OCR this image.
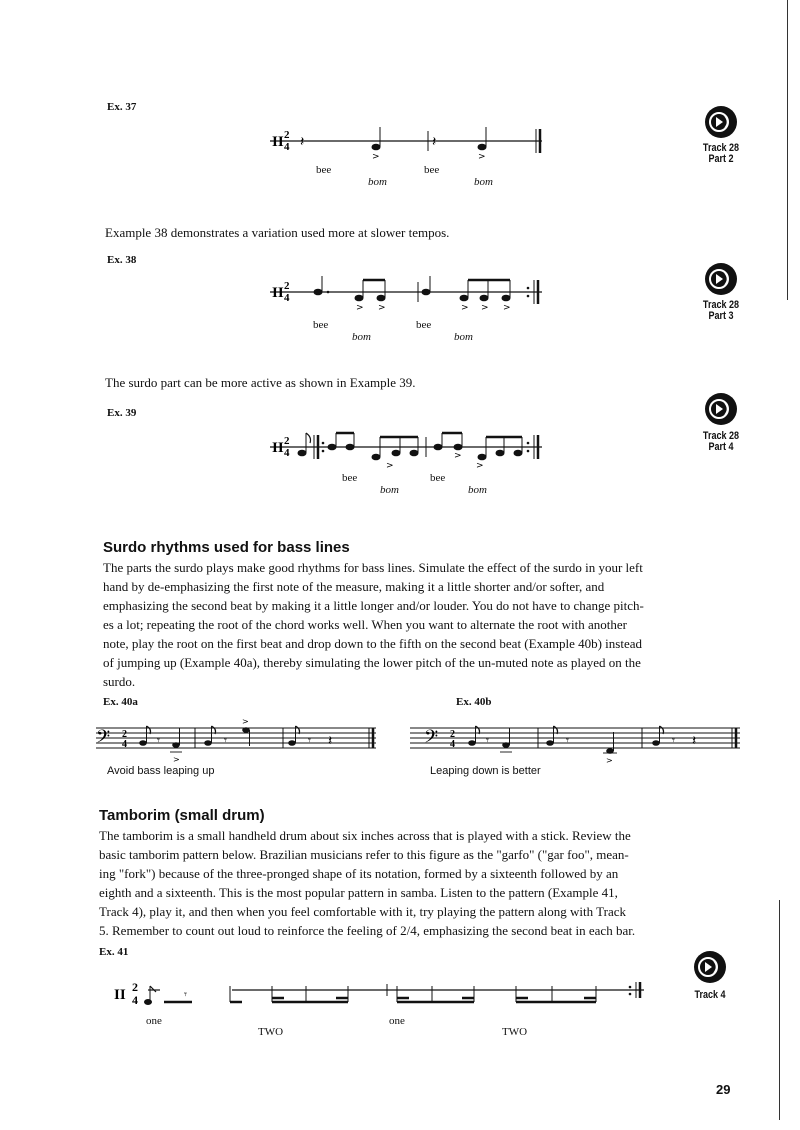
Ex. 37
II 2
4 𝄽
>
𝄽
>
bee
bom
bee
bom
Track 28
Part 2
Example 38 demonstrates a variation used more at slower tempos.
Ex. 38
II 2
4
> >	> > >
bee
bom
bee
bom
Track 28
Part 3
The surdo part can be more active as shown in Example 39.
Ex. 39
II 2
4
>
>
>
bee
bom
bee
bom
Track 28
Part 4
Surdo rhythms used for bass lines
The parts the surdo plays make good rhythms for bass lines. Simulate the effect of the surdo in your left
hand by de-emphasizing the first note of the measure, making it a little shorter and/or softer, and
emphasizing the second beat by making it a little longer and/or louder. You do not have to change pitch-
es a lot; repeating the root of the chord works well. When you want to alternate the root with another
note, play the root on the first beat and drop down to the fifth on the second beat (Example 40b) instead
of jumping up (Example 40a), thereby simulating the lower pitch of the un-muted note as played on the
surdo.
Ex. 40a
𝄢 2
4	𝄾
>
𝄾
>
𝄾 𝄽
Avoid bass leaping up
Ex. 40b
𝄢 2
4	𝄾	𝄾
>
𝄾 𝄽
Leaping down is better
Tamborim (small drum)
The tamborim is a small handheld drum about six inches across that is played with a stick. Review the
basic tamborim pattern below. Brazilian musicians refer to this figure as the "garfo" ("gar foo", mean-
ing "fork") because of the three-pronged shape of its notation, formed by a sixteenth followed by an
eighth and a sixteenth. This is the most popular pattern in samba. Listen to the pattern (Example 41,
Track 4), play it, and then when you feel comfortable with it, try playing the pattern along with Track
5. Remember to count out loud to reinforce the feeling of 2/4, emphasizing the second beat in each bar.
Ex. 41
II 2
4	𝄾
one
TWO
one
TWO
Track 4
29
